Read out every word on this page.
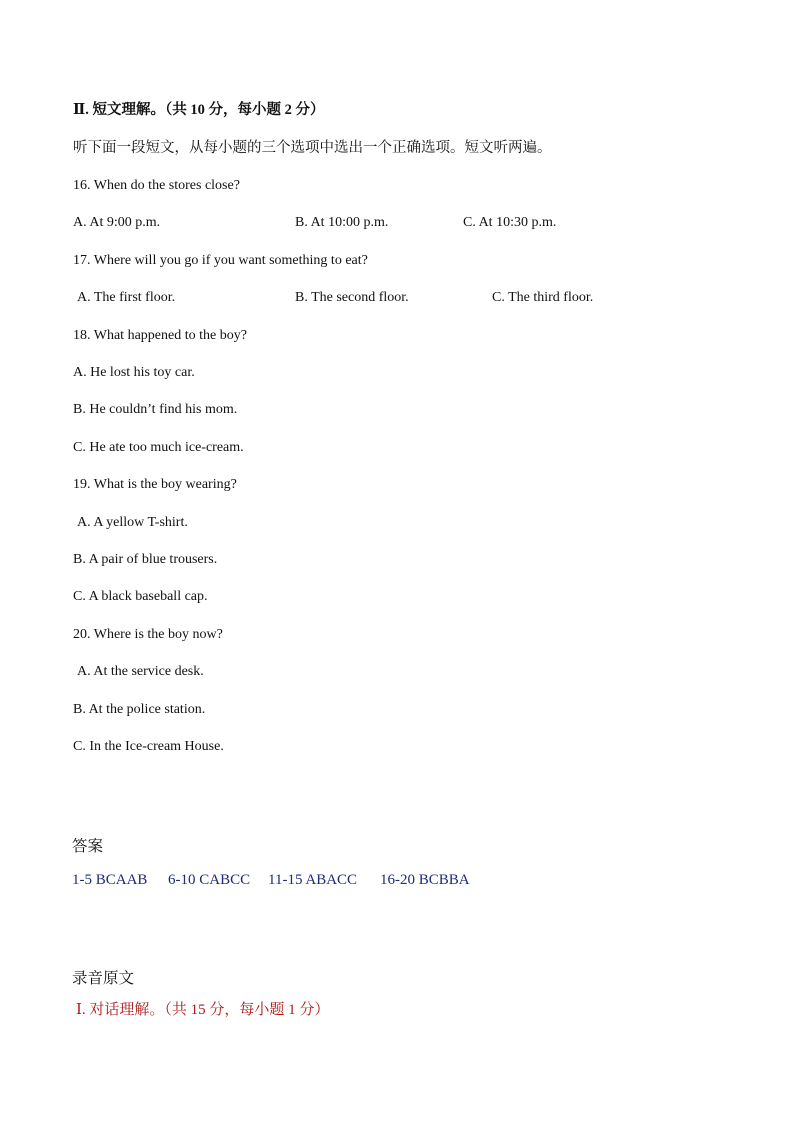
Ⅱ. 短文理解。（共 10 分，每小题 2 分）
听下面一段短文，从每小题的三个选项中选出一个正确选项。短文听两遍。
16. When do the stores close?
A. At 9:00 p.m.	B. At 10:00 p.m.	C. At 10:30 p.m.
17. Where will you go if you want something to eat?
A. The first floor.	B. The second floor.	C. The third floor.
18. What happened to the boy?
A. He lost his toy car.
B. He couldn’t find his mom.
C. He ate too much ice-cream.
19. What is the boy wearing?
A. A yellow T-shirt.
B. A pair of blue trousers.
C. A black baseball cap.
20. Where is the boy now?
A. At the service desk.
B. At the police station.
C. In the Ice-cream House.
答案
1-5 BCAAB 6-10 CABCC 11-15 ABACC 16-20 BCBBA
录音原文
Ⅰ. 对话理解。（共 15 分，每小题 1 分）
